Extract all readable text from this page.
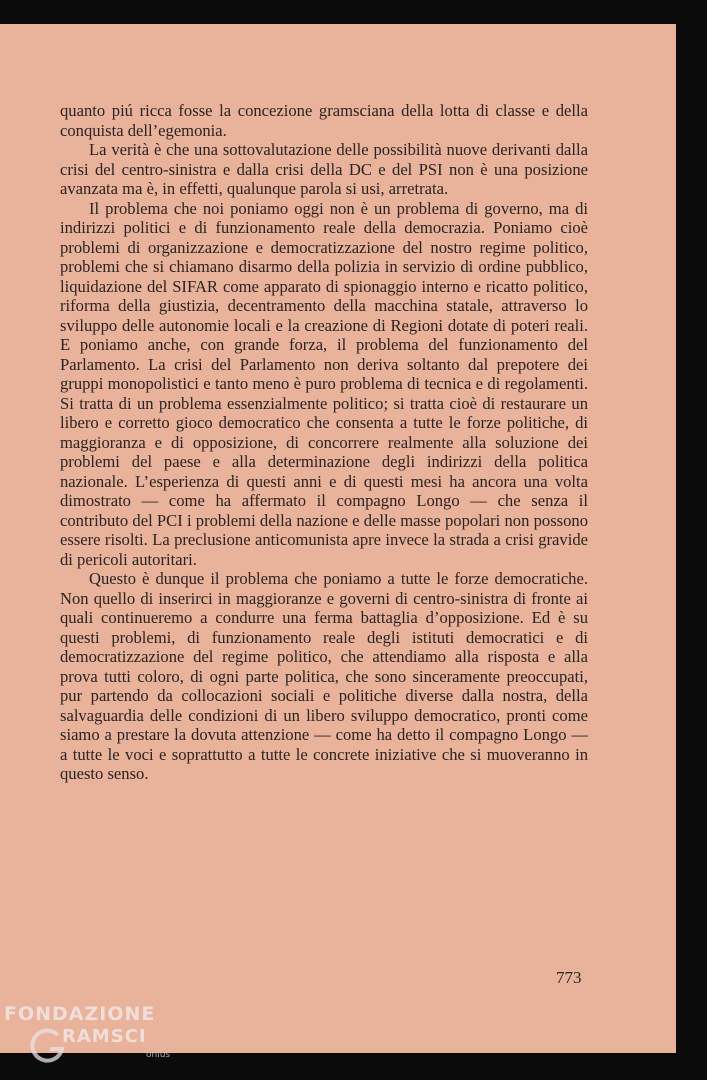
quanto piú ricca fosse la concezione gramsciana della lotta di classe e della conquista dell’egemonia.

La verità è che una sottovalutazione delle possibilità nuove derivanti dalla crisi del centro-sinistra e dalla crisi della DC e del PSI non è una posizione avanzata ma è, in effetti, qualunque parola si usi, arretrata.

Il problema che noi poniamo oggi non è un problema di governo, ma di indirizzi politici e di funzionamento reale della democrazia. Poniamo cioè problemi di organizzazione e democratizzazione del nostro regime politico, problemi che si chiamano disarmo della polizia in servizio di ordine pubblico, liquidazione del SIFAR come apparato di spionaggio interno e ricatto politico, riforma della giustizia, decentramento della macchina statale, attraverso lo sviluppo delle autonomie locali e la creazione di Regioni dotate di poteri reali. E poniamo anche, con grande forza, il problema del funzionamento del Parlamento. La crisi del Parlamento non deriva soltanto dal prepotere dei gruppi monopolistici e tanto meno è puro problema di tecnica e di regolamenti. Si tratta di un problema essenzialmente politico; si tratta cioè di restaurare un libero e corretto gioco democratico che consenta a tutte le forze politiche, di maggioranza e di opposizione, di concorrere realmente alla soluzione dei problemi del paese e alla determinazione degli indirizzi della politica nazionale. L’esperienza di questi anni e di questi mesi ha ancora una volta dimostrato — come ha affermato il compagno Longo — che senza il contributo del PCI i problemi della nazione e delle masse popolari non possono essere risolti. La preclusione anticomunista apre invece la strada a crisi gravide di pericoli autoritari.

Questo è dunque il problema che poniamo a tutte le forze democratiche. Non quello di inserirci in maggioranze e governi di centro-sinistra di fronte ai quali continueremo a condurre una ferma battaglia d’opposizione. Ed è su questi problemi, di funzionamento reale degli istituti democratici e di democratizzazione del regime politico, che attendiamo alla risposta e alla prova tutti coloro, di ogni parte politica, che sono sinceramente preoccupati, pur partendo da collocazioni sociali e politiche diverse dalla nostra, della salvaguardia delle condizioni di un libero sviluppo democratico, pronti come siamo a prestare la dovuta attenzione — come ha detto il compagno Longo — a tutte le voci e soprattutto a tutte le concrete iniziative che si muoveranno in questo senso.

773
FONDAZIONE
RAMSCI
onlus
